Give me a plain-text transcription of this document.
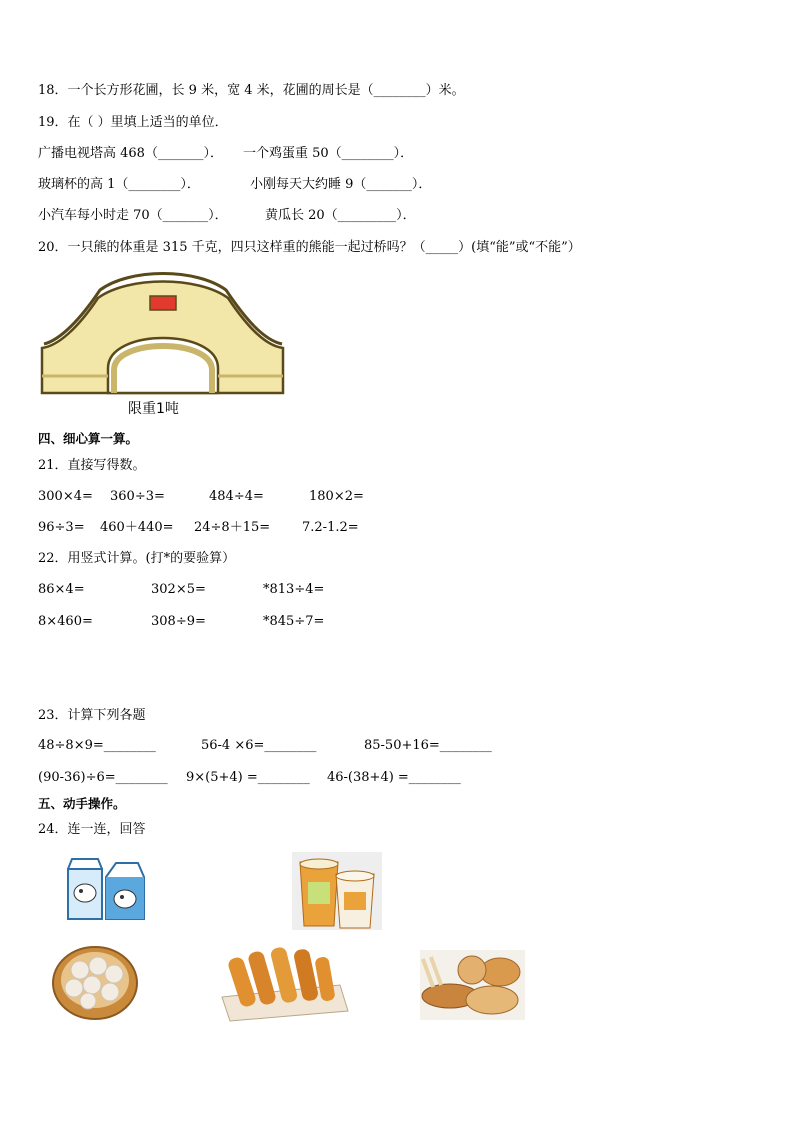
18．一个长方形花圃，长 9 米，宽 4 米，花圃的周长是（________）米。
19．在（ ）里填上适当的单位．
广播电视塔高 468（_______）． 一个鸡蛋重 50（________）．
玻璃杯的高 1（________）．	小刚每天大约睡 9（_______）．
小汽车每小时走 70（_______）．	黄瓜长 20（_________）．
20．一只熊的体重是 315 千克，四只这样重的熊能一起过桥吗？（_____）(填“能”或“不能”）
限重1吨
四、细心算一算。
21．直接写得数。
300×4= 360÷3=	484÷4=	180×2=
96÷3= 460＋440= 24÷8＋15= 7.2-1.2=
22．用竖式计算。(打*的要验算）
86×4=	302×5=	*813÷4=
8×460=	308÷9=	*845÷7=
23．计算下列各题
48÷8×9=________	56-4 ×6=________	85-50+16=________
(90-36)÷6=________ 9×(5+4) =________ 46-(38+4) =________
五、动手操作。
24．连一连，回答
